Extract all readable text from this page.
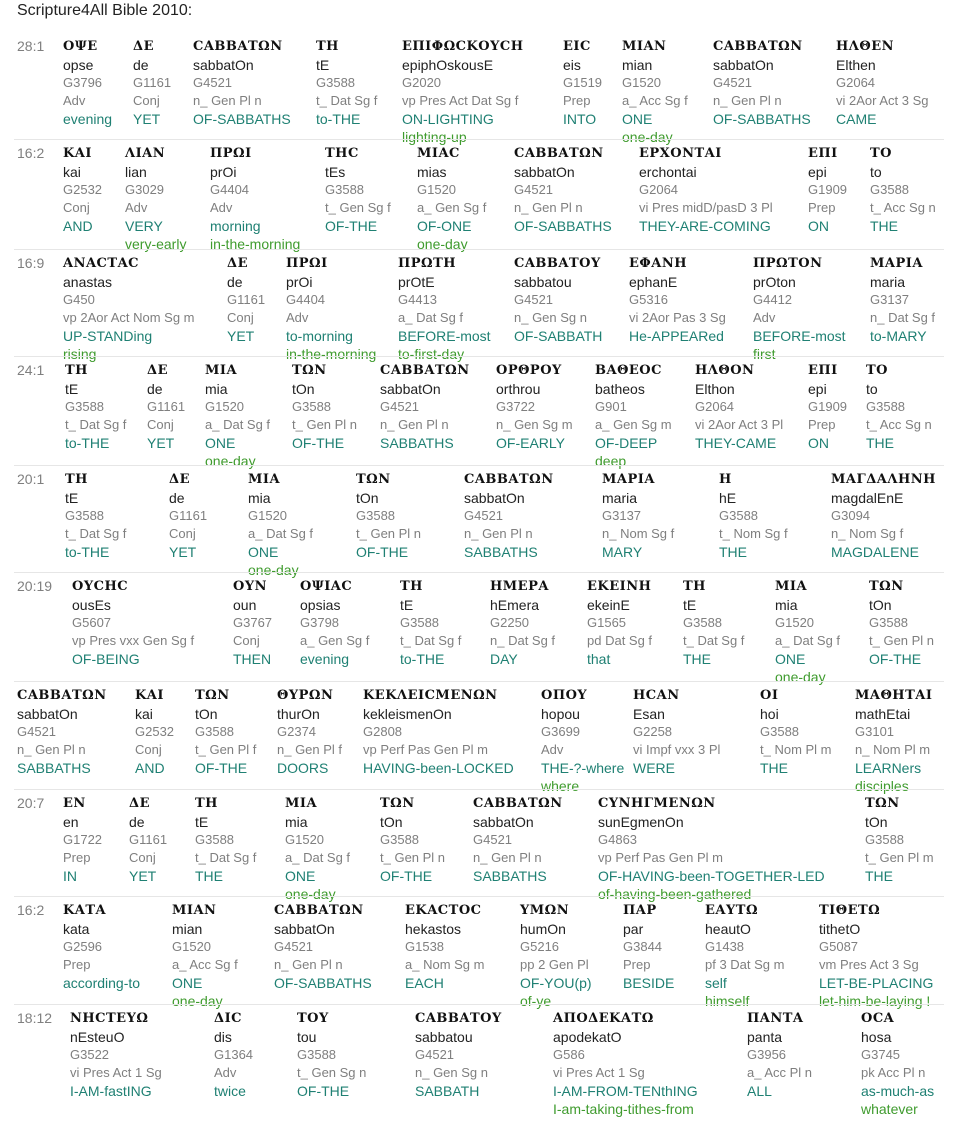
Scripture4All Bible 2010:
28:1 ΟΨΕ
opse
G3796
Adv
evening
ΔΕ
de
G1161
Conj
YET
CΑΒΒΑΤΩΝ
sabbatOn
G4521
n_ Gen Pl n
OF-SABBATHS
ΤΗ
tE
G3588
t_ Dat Sg f
to-THE
ΕΠΙΦΩCΚΟΥCΗ
epiphOskousE
G2020
vp Pres Act Dat Sg f
ON-LIGHTING
lighting-up
ΕΙC
eis
G1519
Prep
INTO
ΜΙΑΝ
mian
G1520
a_ Acc Sg f
ONE
one-day
CΑΒΒΑΤΩΝ
sabbatOn
G4521
n_ Gen Pl n
OF-SABBATHS
ΗΛΘΕΝ
Elthen
G2064
vi 2Aor Act 3 Sg
CAME
16:2 ΚΑΙ
kai
G2532
Conj
AND
ΛΙΑΝ
lian
G3029
Adv
VERY
very-early
ΠΡΩΙ
prOi
G4404
Adv
morning
in-the-morning
ΤΗC
tEs
G3588
t_ Gen Sg f
OF-THE
ΜΙΑC
mias
G1520
a_ Gen Sg f
OF-ONE
one-day
CΑΒΒΑΤΩΝ
sabbatOn
G4521
n_ Gen Pl n
OF-SABBATHS
ΕΡΧΟΝΤΑΙ
erchontai
G2064
vi Pres midD/pasD 3 Pl
THEY-ARE-COMING
ΕΠΙ
epi
G1909
Prep
ON
ΤΟ
to
G3588
t_ Acc Sg n
THE
16:9 ΑΝΑCΤΑC
anastas
G450
vp 2Aor Act Nom Sg m
UP-STANDing
rising
ΔΕ
de
G1161
Conj
YET
ΠΡΩΙ
prOi
G4404
Adv
to-morning
in-the-morning
ΠΡΩΤΗ
prOtE
G4413
a_ Dat Sg f
BEFORE-most
to-first-day
CΑΒΒΑΤΟΥ
sabbatou
G4521
n_ Gen Sg n
OF-SABBATH
ΕΦΑΝΗ
ephanE
G5316
vi 2Aor Pas 3 Sg
He-APPEARed
ΠΡΩΤΟΝ
prOton
G4412
Adv
BEFORE-most
first
ΜΑΡΙΑ
maria
G3137
n_ Dat Sg f
to-MARY
24:1 ΤΗ
tE
G3588
t_ Dat Sg f
to-THE
ΔΕ
de
G1161
Conj
YET
ΜΙΑ
mia
G1520
a_ Dat Sg f
ONE
one-day
ΤΩΝ
tOn
G3588
t_ Gen Pl n
OF-THE
CΑΒΒΑΤΩΝ
sabbatOn
G4521
n_ Gen Pl n
SABBATHS
ΟΡΘΡΟΥ
orthrou
G3722
n_ Gen Sg m
OF-EARLY
ΒΑΘΕΟC
batheos
G901
a_ Gen Sg m
OF-DEEP
deep
ΗΛΘΟΝ
Elthon
G2064
vi 2Aor Act 3 Pl
THEY-CAME
ΕΠΙ
epi
G1909
Prep
ON
ΤΟ
to
G3588
t_ Acc Sg n
THE
20:1 ΤΗ
tE
G3588
t_ Dat Sg f
to-THE
ΔΕ
de
G1161
Conj
YET
ΜΙΑ
mia
G1520
a_ Dat Sg f
ONE
one-day
ΤΩΝ
tOn
G3588
t_ Gen Pl n
OF-THE
CΑΒΒΑΤΩΝ
sabbatOn
G4521
n_ Gen Pl n
SABBATHS
ΜΑΡΙΑ
maria
G3137
n_ Nom Sg f
MARY
Η
hE
G3588
t_ Nom Sg f
THE
ΜΑΓΔΑΛΗΝΗ
magdalEnE
G3094
n_ Nom Sg f
MAGDALENE
20:19 ΟΥCΗC
ousEs
G5607
vp Pres vxx Gen Sg f
OF-BEING
ΟΥΝ
oun
G3767
Conj
THEN
ΟΨΙΑC
opsias
G3798
a_ Gen Sg f
evening
ΤΗ
tE
G3588
t_ Dat Sg f
to-THE
ΗΜΕΡΑ
hEmera
G2250
n_ Dat Sg f
DAY
ΕΚΕΙΝΗ
ekeinE
G1565
pd Dat Sg f
that
ΤΗ
tE
G3588
t_ Dat Sg f
THE
ΜΙΑ
mia
G1520
a_ Dat Sg f
ONE
one-day
ΤΩΝ
tOn
G3588
t_ Gen Pl n
OF-THE
CΑΒΒΑΤΩΝ
sabbatOn
G4521
n_ Gen Pl n
SABBATHS
ΚΑΙ
kai
G2532
Conj
AND
ΤΩΝ
tOn
G3588
t_ Gen Pl f
OF-THE
ΘΥΡΩΝ
thurOn
G2374
n_ Gen Pl f
DOORS
ΚΕΚΛΕΙCΜΕΝΩΝ
kekleismenOn
G2808
vp Perf Pas Gen Pl m
HAVING-been-LOCKED
ΟΠΟΥ
hopou
G3699
Adv
THE-?-where
where
ΗCΑΝ
Esan
G2258
vi Impf vxx 3 Pl
WERE
ΟΙ
hoi
G3588
t_ Nom Pl m
THE
ΜΑΘΗΤΑΙ
mathEtai
G3101
n_ Nom Pl m
LEARNers
disciples
20:7 ΕΝ
en
G1722
Prep
IN
ΔΕ
de
G1161
Conj
YET
ΤΗ
tE
G3588
t_ Dat Sg f
THE
ΜΙΑ
mia
G1520
a_ Dat Sg f
ONE
one-day
ΤΩΝ
tOn
G3588
t_ Gen Pl n
OF-THE
CΑΒΒΑΤΩΝ
sabbatOn
G4521
n_ Gen Pl n
SABBATHS
CΥΝΗΓΜΕΝΩΝ
sunEgmenOn
G4863
vp Perf Pas Gen Pl m
OF-HAVING-been-TOGETHER-LED
of-having-been-gathered
ΤΩΝ
tOn
G3588
t_ Gen Pl m
THE
16:2 ΚΑΤΑ
kata
G2596
Prep
according-to
ΜΙΑΝ
mian
G1520
a_ Acc Sg f
ONE
one-day
CΑΒΒΑΤΩΝ
sabbatOn
G4521
n_ Gen Pl n
OF-SABBATHS
ΕΚΑCΤΟC
hekastos
G1538
a_ Nom Sg m
EACH
ΥΜΩΝ
humOn
G5216
pp 2 Gen Pl
OF-YOU(p)
of-ye
ΠΑΡ
par
G3844
Prep
BESIDE
ΕΑΥΤΩ
heautO
G1438
pf 3 Dat Sg m
self
himself
ΤΙΘΕΤΩ
tithetO
G5087
vm Pres Act 3 Sg
LET-BE-PLACING
let-him-be-laying !
18:12 ΝΗCΤΕΥΩ
nEsteuO
G3522
vi Pres Act 1 Sg
I-AM-fastING
ΔΙC
dis
G1364
Adv
twice
ΤΟΥ
tou
G3588
t_ Gen Sg n
OF-THE
CΑΒΒΑΤΟΥ
sabbatou
G4521
n_ Gen Sg n
SABBATH
ΑΠΟΔΕΚΑΤΩ
apodekatO
G586
vi Pres Act 1 Sg
I-AM-FROM-TENthING
I-am-taking-tithes-from
ΠΑΝΤΑ
panta
G3956
a_ Acc Pl n
ALL
ΟCΑ
hosa
G3745
pk Acc Pl n
as-much-as
whatever
